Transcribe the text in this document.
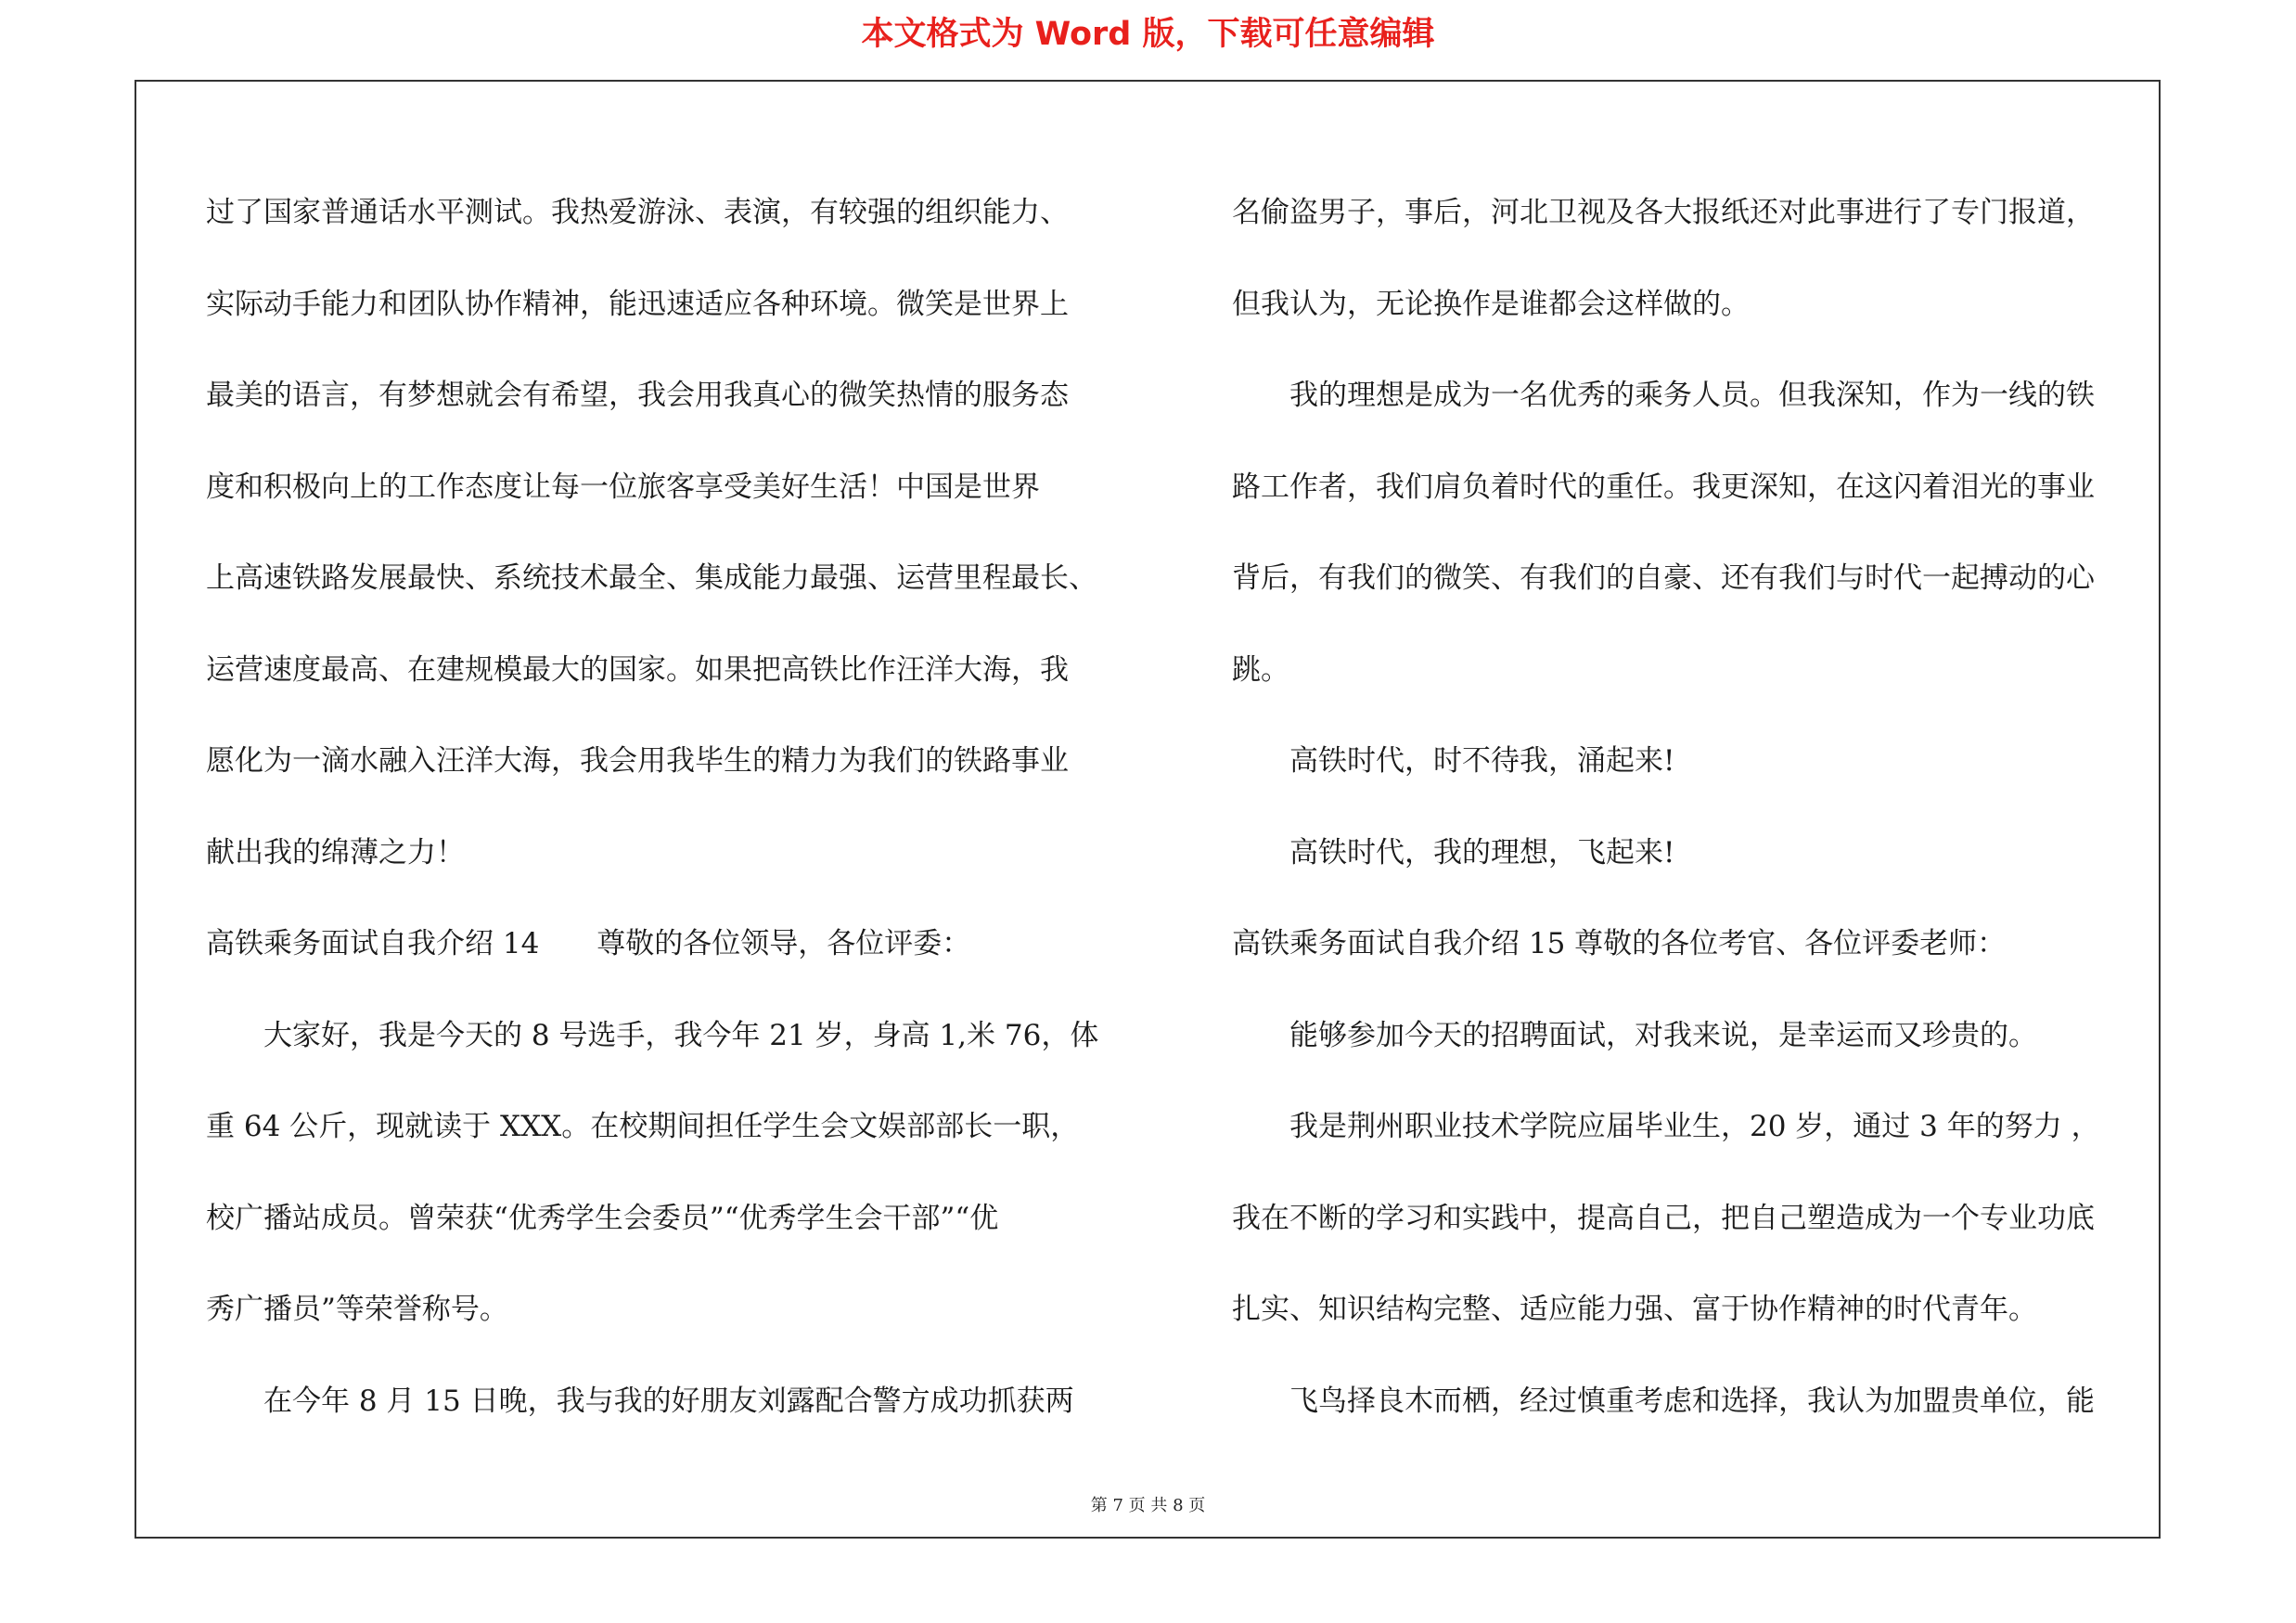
本文格式为 Word 版，下载可任意编辑
过了国家普通话水平测试。我热爱游泳、表演，有较强的组织能力、
实际动手能力和团队协作精神，能迅速适应各种环境。微笑是世界上
最美的语言，有梦想就会有希望，我会用我真心的微笑热情的服务态
度和积极向上的工作态度让每一位旅客享受美好生活！中国是世界
上高速铁路发展最快、系统技术最全、集成能力最强、运营里程最长、
运营速度最高、在建规模最大的国家。如果把高铁比作汪洋大海，我
愿化为一滴水融入汪洋大海，我会用我毕生的精力为我们的铁路事业
献出我的绵薄之力！
高铁乘务面试自我介绍 14　　尊敬的各位领导，各位评委：
　　大家好，我是今天的 8 号选手，我今年 21 岁，身高 1,米 76，体
重 64 公斤，现就读于 XXX。在校期间担任学生会文娱部部长一职，
校广播站成员。曾荣获“优秀学生会委员”“优秀学生会干部”“优
秀广播员”等荣誉称号。
　　在今年 8 月 15 日晚，我与我的好朋友刘露配合警方成功抓获两
名偷盗男子，事后，河北卫视及各大报纸还对此事进行了专门报道，
但我认为，无论换作是谁都会这样做的。
　　我的理想是成为一名优秀的乘务人员。但我深知，作为一线的铁
路工作者，我们肩负着时代的重任。我更深知，在这闪着泪光的事业
背后，有我们的微笑、有我们的自豪、还有我们与时代一起搏动的心
跳。
　　高铁时代，时不待我，涌起来!
　　高铁时代，我的理想，飞起来!
高铁乘务面试自我介绍 15 尊敬的各位考官、各位评委老师：
　　能够参加今天的招聘面试，对我来说，是幸运而又珍贵的。
　　我是荆州职业技术学院应届毕业生，20 岁，通过 3 年的努力 ，
我在不断的学习和实践中，提高自己，把自己塑造成为一个专业功底
扎实、知识结构完整、适应能力强、富于协作精神的时代青年。
　　飞鸟择良木而栖，经过慎重考虑和选择，我认为加盟贵单位，能
第 7 页 共 8 页
